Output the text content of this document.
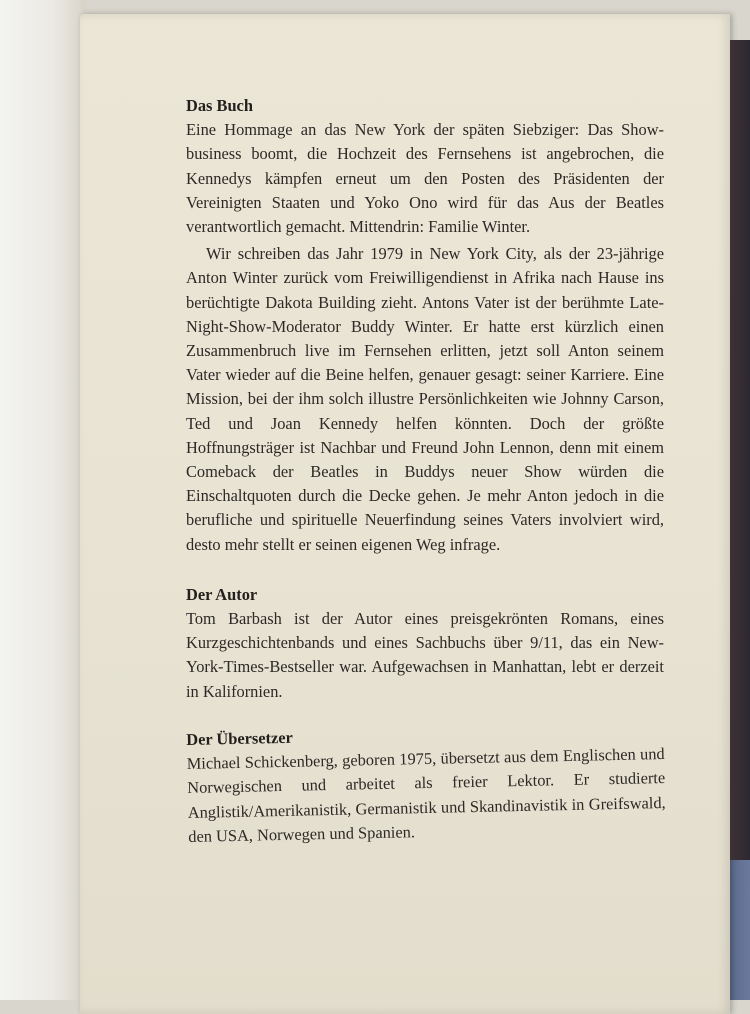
Das Buch

Eine Hommage an das New York der späten Siebziger: Das Showbusiness boomt, die Hochzeit des Fernsehens ist angebrochen, die Kennedys kämpfen erneut um den Posten des Präsidenten der Vereinigten Staaten und Yoko Ono wird für das Aus der Beatles verantwortlich gemacht. Mittendrin: Familie Winter.

Wir schreiben das Jahr 1979 in New York City, als der 23-jährige Anton Winter zurück vom Freiwilligendienst in Afrika nach Hause ins berüchtigte Dakota Building zieht. Antons Vater ist der berühmte Late-Night-Show-Moderator Buddy Winter. Er hatte erst kürzlich einen Zusammenbruch live im Fernsehen erlitten, jetzt soll Anton seinem Vater wieder auf die Beine helfen, genauer gesagt: seiner Karriere. Eine Mission, bei der ihm solch illustre Persönlichkeiten wie Johnny Carson, Ted und Joan Kennedy helfen könnten. Doch der größte Hoffnungsträger ist Nachbar und Freund John Lennon, denn mit einem Comeback der Beatles in Buddys neuer Show würden die Einschaltquoten durch die Decke gehen. Je mehr Anton jedoch in die berufliche und spirituelle Neuerfindung seines Vaters involviert wird, desto mehr stellt er seinen eigenen Weg infrage.

Der Autor

Tom Barbash ist der Autor eines preisgekrönten Romans, eines Kurzgeschichtenbands und eines Sachbuchs über 9/11, das ein New-York-Times-Bestseller war. Aufgewachsen in Manhattan, lebt er derzeit in Kalifornien.

Der Übersetzer

Michael Schickenberg, geboren 1975, übersetzt aus dem Englischen und Norwegischen und arbeitet als freier Lektor. Er studierte Anglistik/Amerikanistik, Germanistik und Skandinavistik in Greifswald, den USA, Norwegen und Spanien.
